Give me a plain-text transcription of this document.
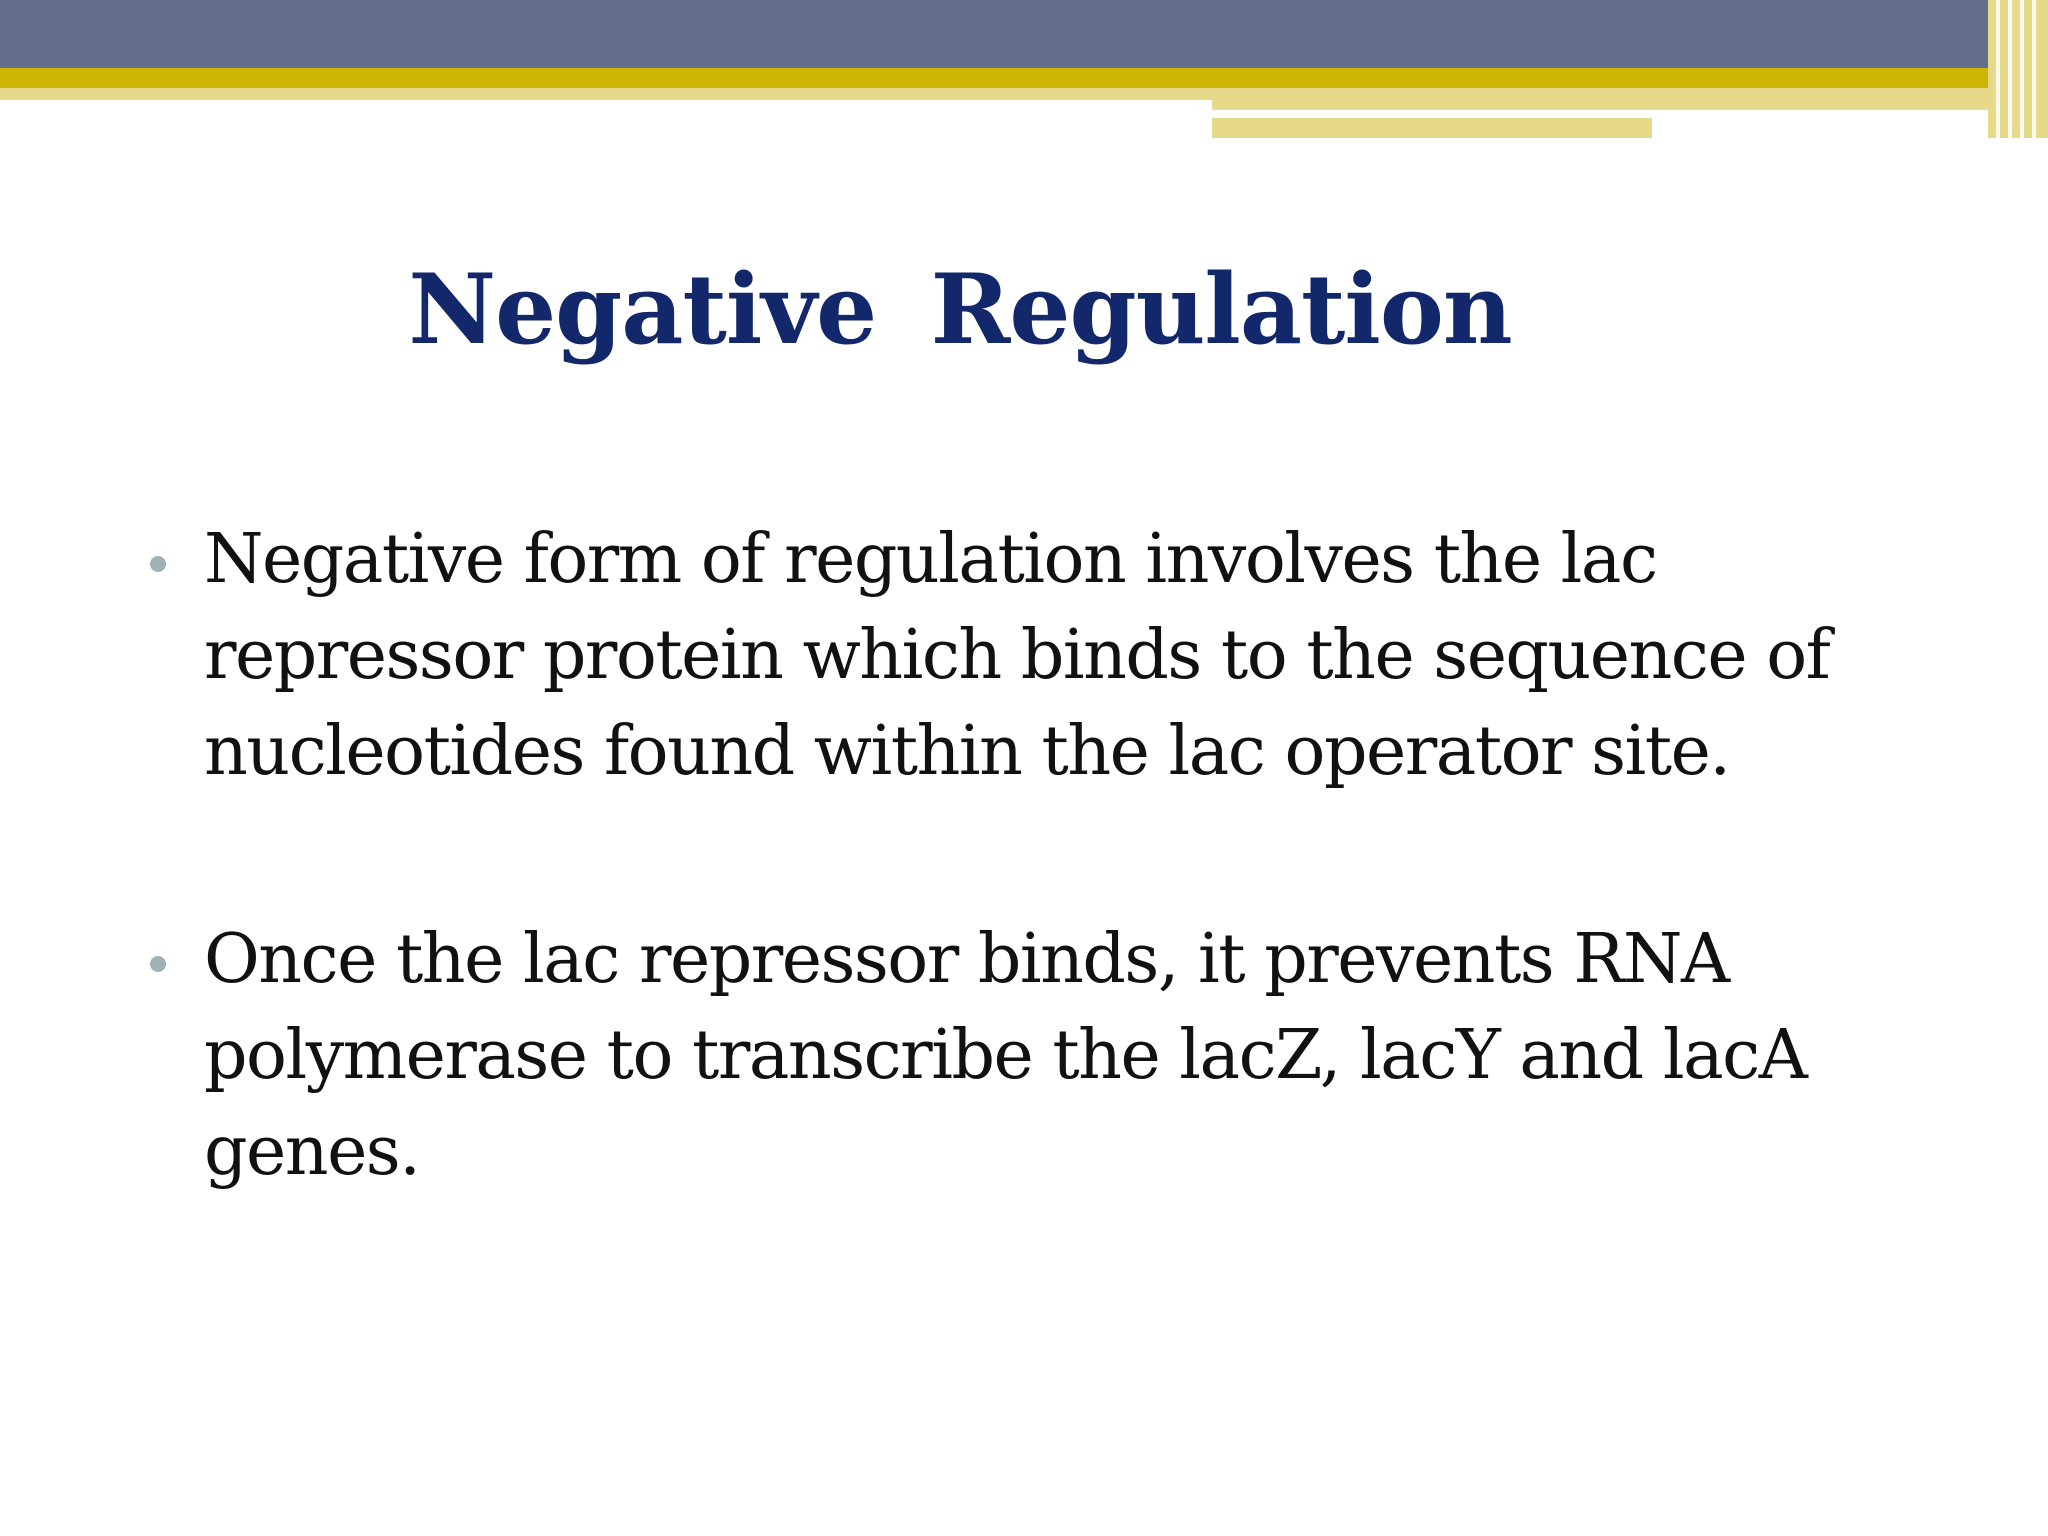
Negative Regulation
Negative form of regulation involves the lac repressor protein which binds to the sequence of nucleotides found within the lac operator site.
Once the lac repressor binds, it prevents RNA polymerase to transcribe the lacZ, lacY and lacA genes.
